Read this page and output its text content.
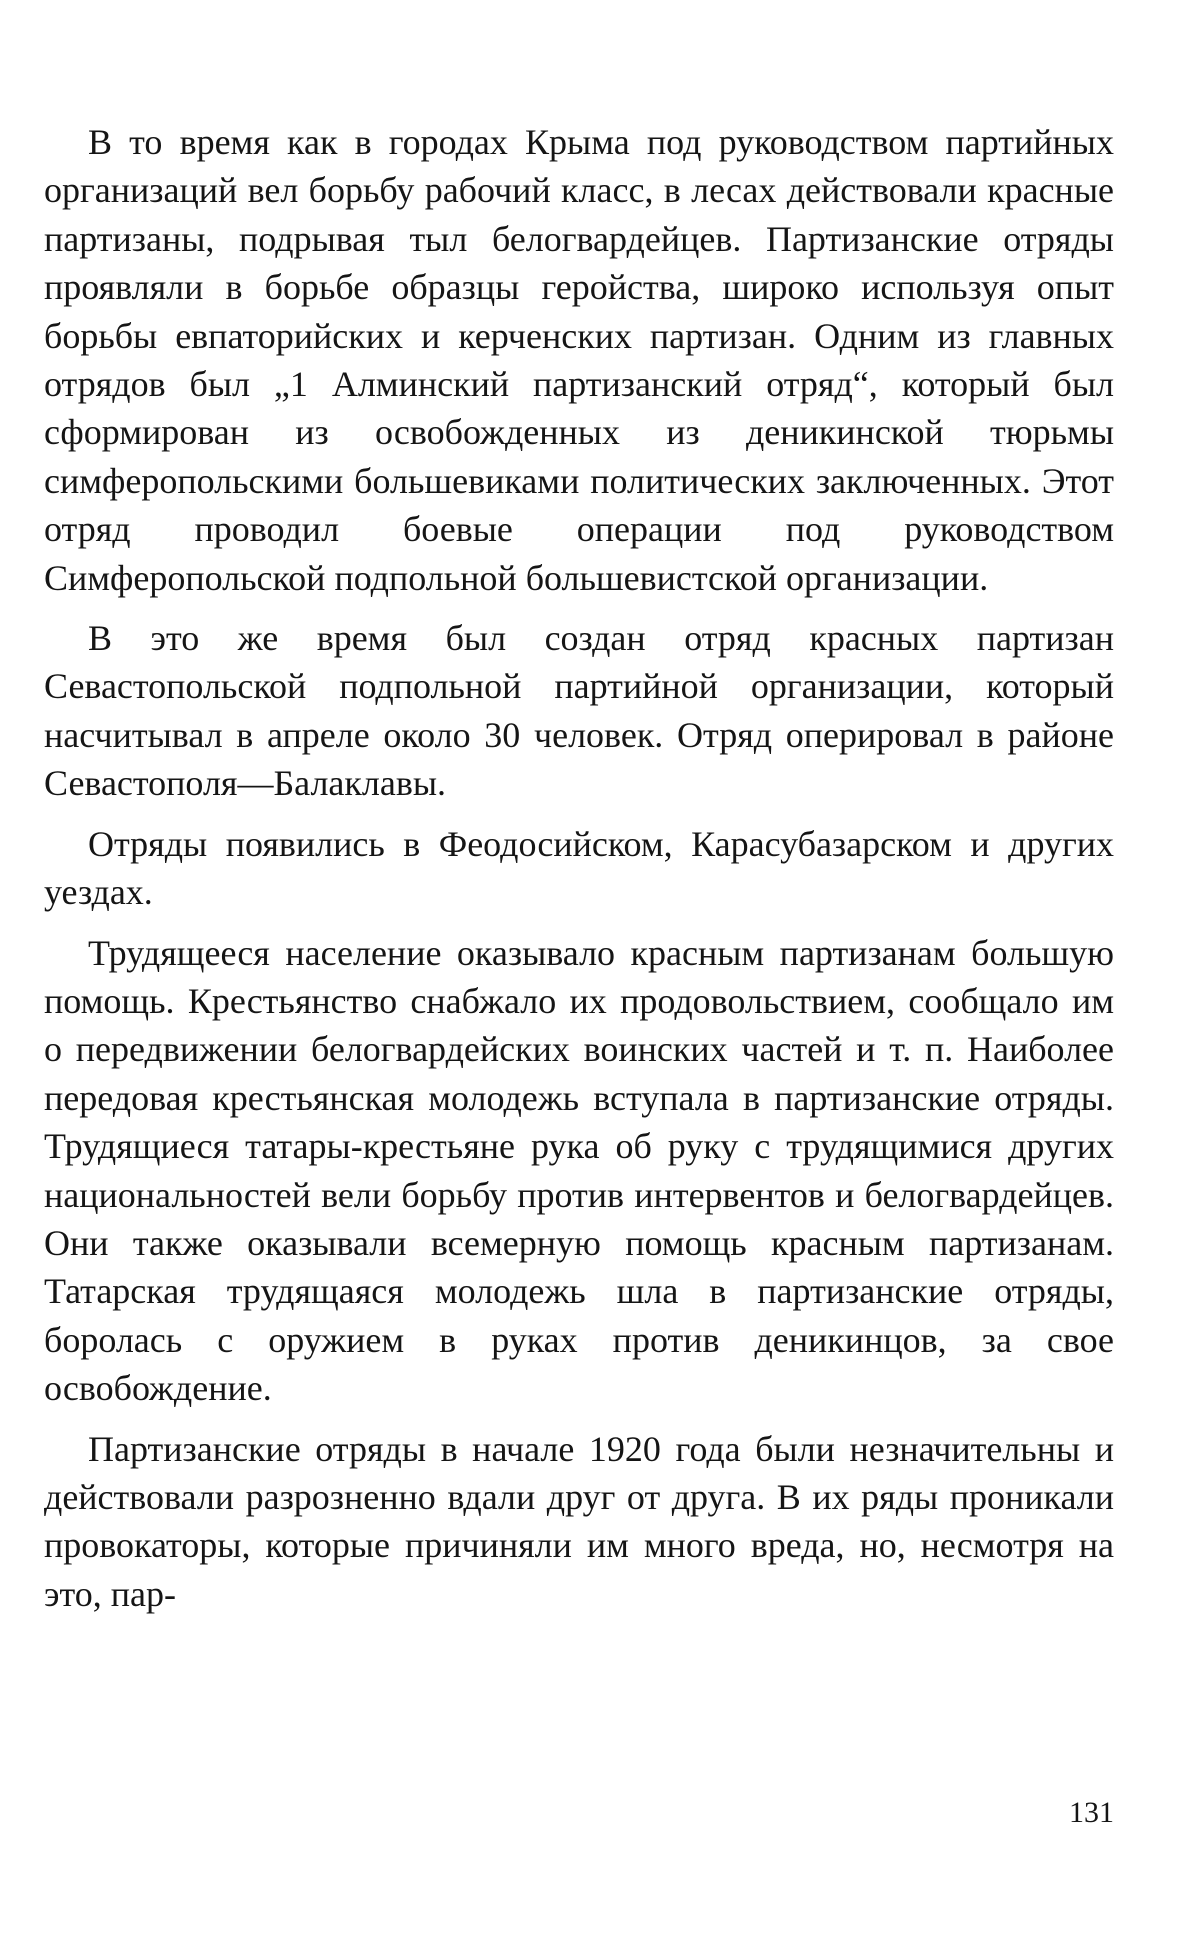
В то время как в городах Крыма под руководством партийных организаций вел борьбу рабочий класс, в лесах действовали красные партизаны, подрывая тыл белогвардейцев. Партизанские отряды проявляли в борьбе образцы геройства, широко используя опыт борьбы евпаторийских и керченских партизан. Одним из главных отрядов был „1 Алминский партизанский отряд“, который был сформирован из освобожденных из деникинской тюрьмы симферопольскими большевиками политических заключенных. Этот отряд проводил боевые операции под руководством Симферопольской подпольной большевистской организации.

В это же время был создан отряд красных партизан Севастопольской подпольной партийной организации, который насчитывал в апреле около 30 человек. Отряд оперировал в районе Севастополя—Балаклавы.

Отряды появились в Феодосийском, Карасубазарском и других уездах.

Трудящееся население оказывало красным партизанам большую помощь. Крестьянство снабжало их продовольствием, сообщало им о передвижении белогвардейских воинских частей и т. п. Наиболее передовая крестьянская молодежь вступала в партизанские отряды. Трудящиеся татары-крестьяне рука об руку с трудящимися других национальностей вели борьбу против интервентов и белогвардейцев. Они также оказывали всемерную помощь красным партизанам. Татарская трудящаяся молодежь шла в партизанские отряды, боролась с оружием в руках против деникинцов, за свое освобождение.

Партизанские отряды в начале 1920 года были незначительны и действовали разрозненно вдали друг от друга. В их ряды проникали провокаторы, которые причиняли им много вреда, но, несмотря на это, пар-

131
